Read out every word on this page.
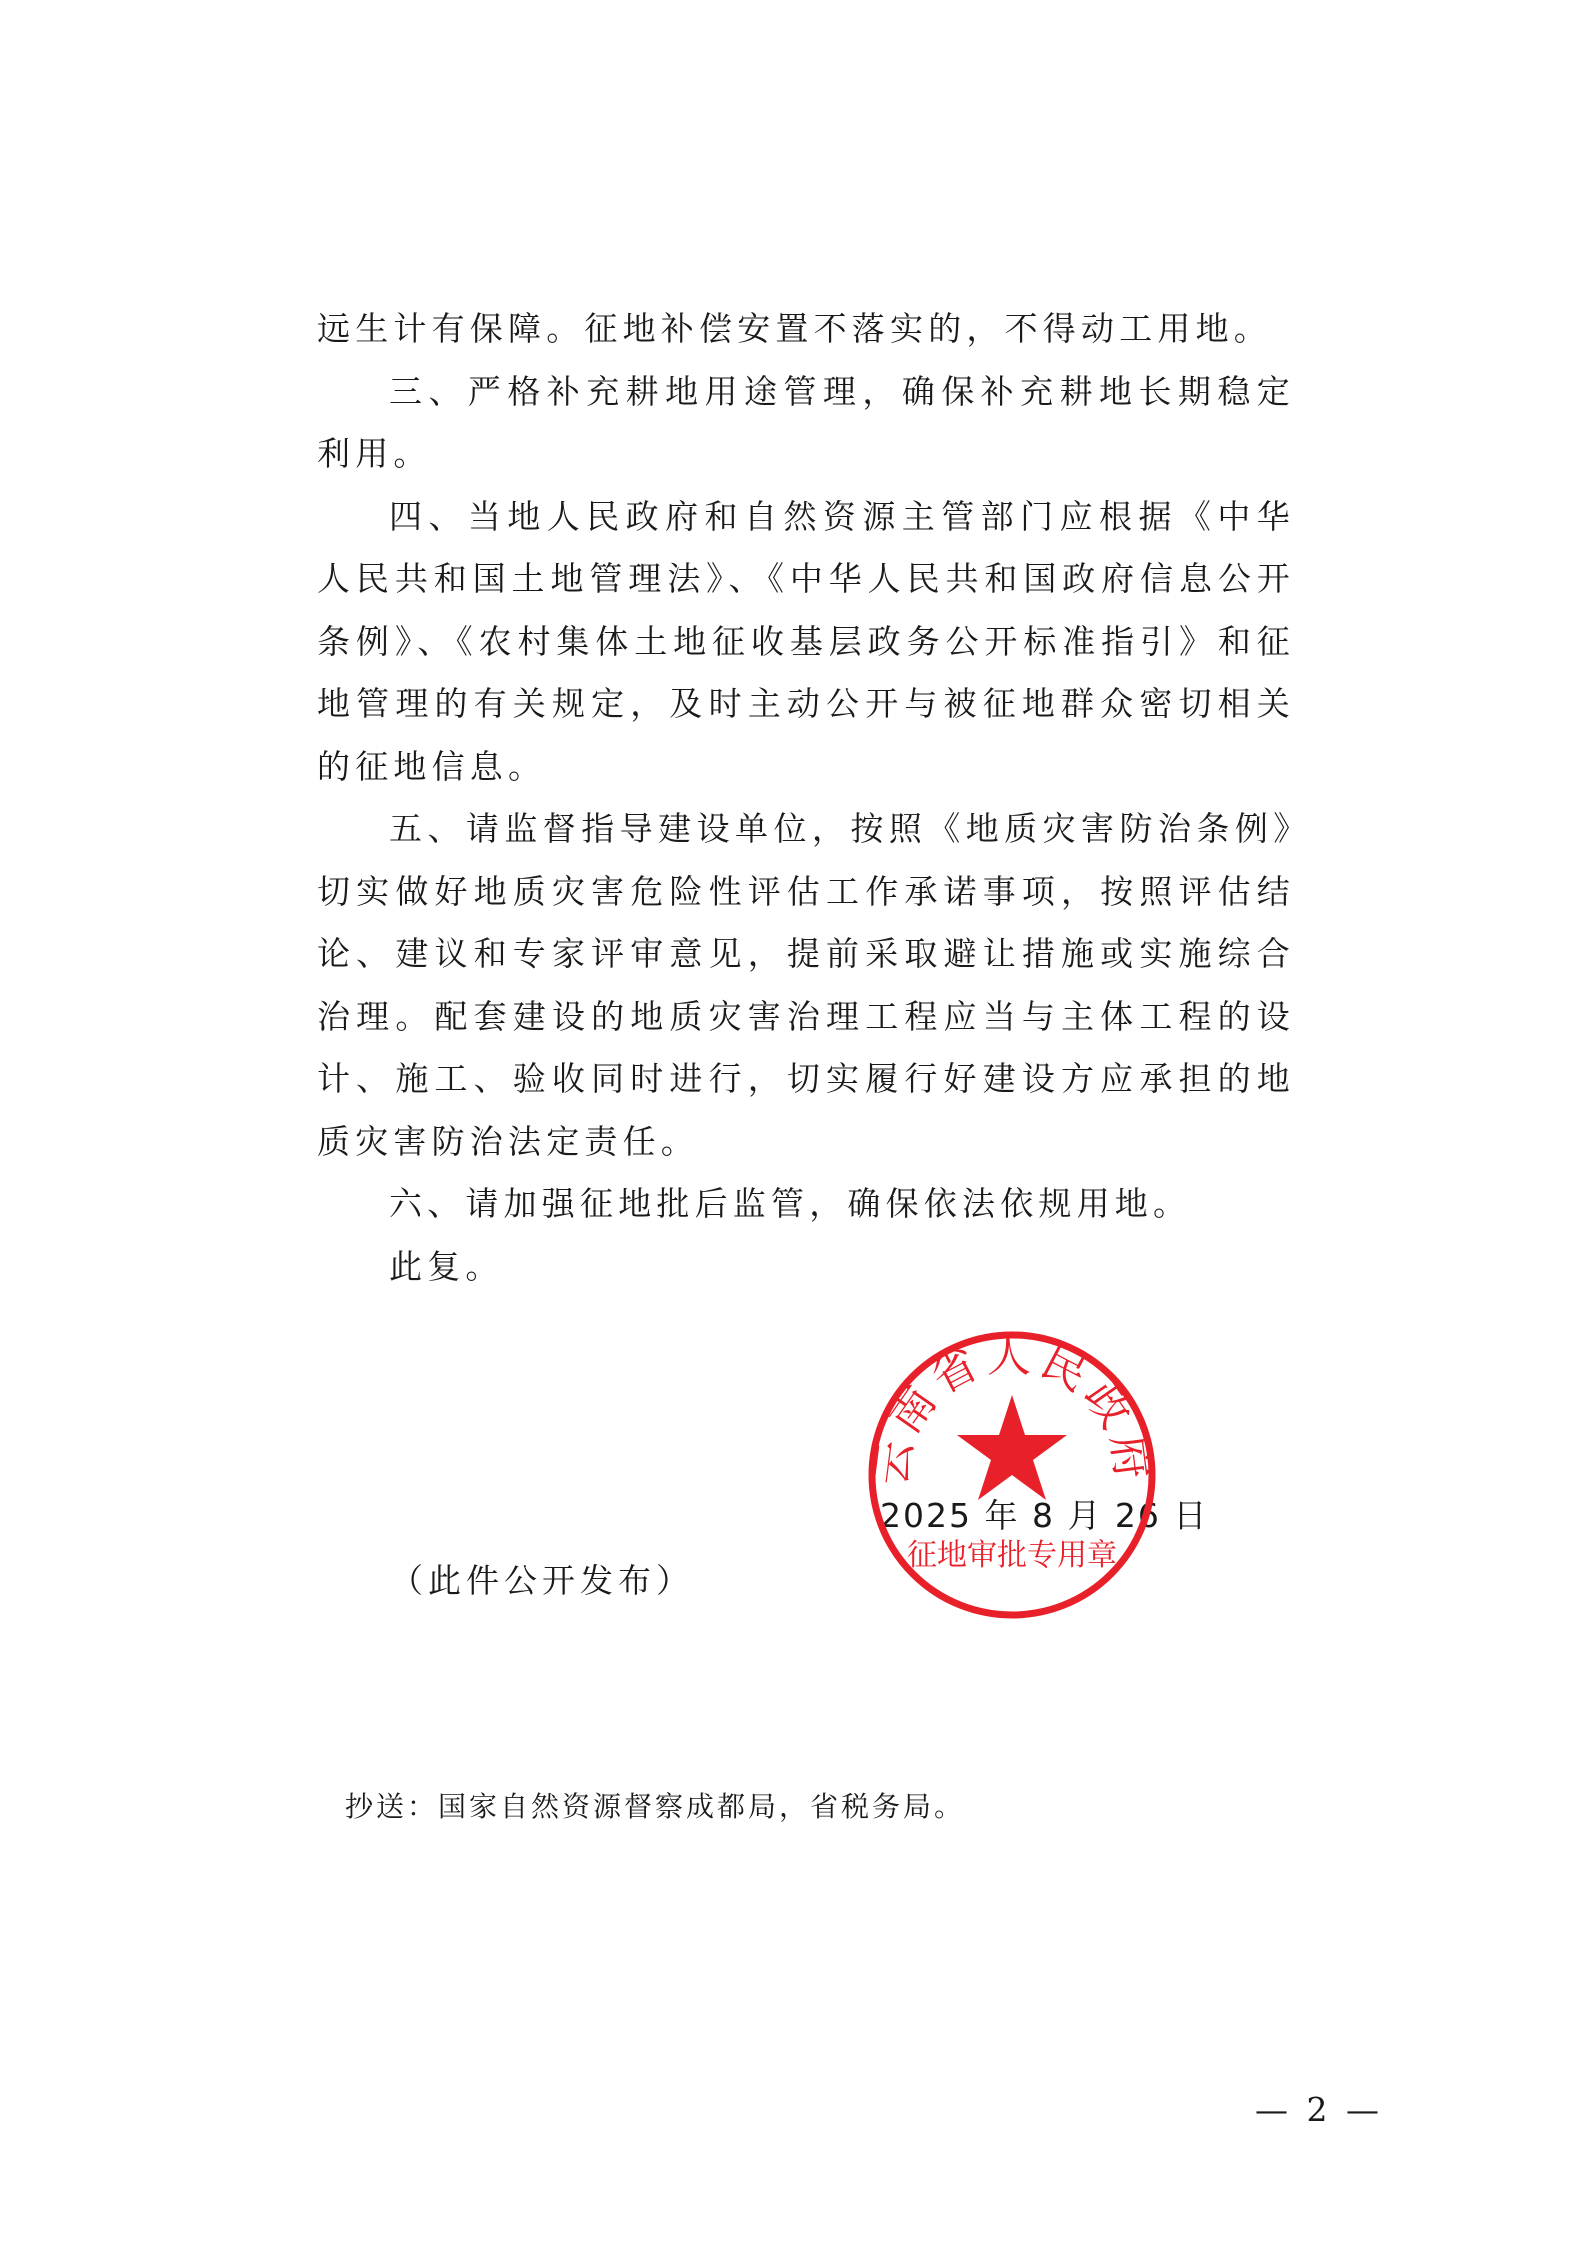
远生计有保障。征地补偿安置不落实的，不得动工用地。

三、严格补充耕地用途管理，确保补充耕地长期稳定利用。

四、当地人民政府和自然资源主管部门应根据《中华人民共和国土地管理法》、《中华人民共和国政府信息公开条例》、《农村集体土地征收基层政务公开标准指引》和征地管理的有关规定，及时主动公开与被征地群众密切相关的征地信息。

五、请监督指导建设单位，按照《地质灾害防治条例》切实做好地质灾害危险性评估工作承诺事项，按照评估结论、建议和专家评审意见，提前采取避让措施或实施综合治理。配套建设的地质灾害治理工程应当与主体工程的设计、施工、验收同时进行，切实履行好建设方应承担的地质灾害防治法定责任。

六、请加强征地批后监管，确保依法依规用地。

此复。

2025 年 8 月 26 日
云南省人民政府
征地审批专用章
（此件公开发布）
抄送：国家自然资源督察成都局，省税务局。
— 2 —
